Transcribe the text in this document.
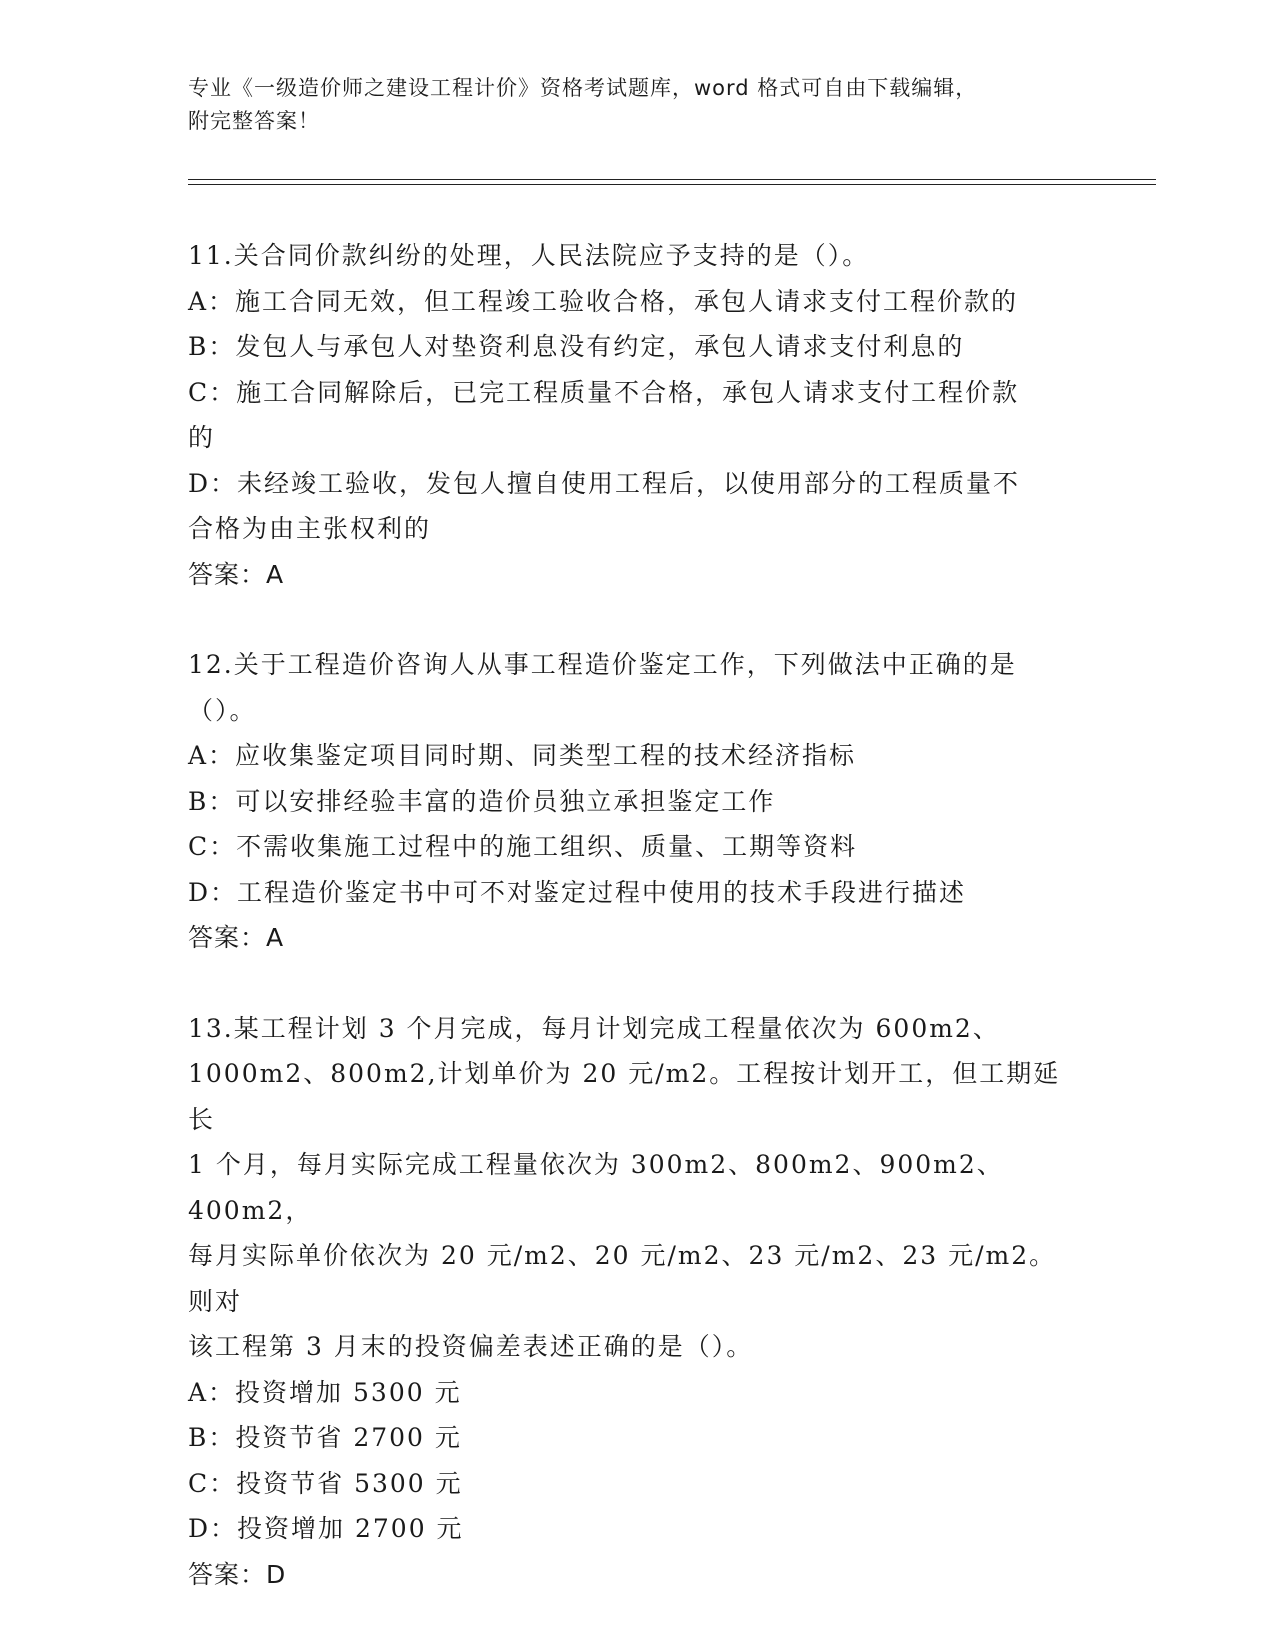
专业《一级造价师之建设工程计价》资格考试题库，word 格式可自由下载编辑，
附完整答案！
11.关合同价款纠纷的处理，人民法院应予支持的是（）。
A：施工合同无效，但工程竣工验收合格，承包人请求支付工程价款的
B：发包人与承包人对垫资利息没有约定，承包人请求支付利息的
C：施工合同解除后，已完工程质量不合格，承包人请求支付工程价款
的
D：未经竣工验收，发包人擅自使用工程后，以使用部分的工程质量不
合格为由主张权利的
答案：A
12.关于工程造价咨询人从事工程造价鉴定工作，下列做法中正确的是
（）。
A：应收集鉴定项目同时期、同类型工程的技术经济指标
B：可以安排经验丰富的造价员独立承担鉴定工作
C：不需收集施工过程中的施工组织、质量、工期等资料
D：工程造价鉴定书中可不对鉴定过程中使用的技术手段进行描述
答案：A
13.某工程计划 3 个月完成，每月计划完成工程量依次为 600m2、
1000m2、800m2,计划单价为 20 元/m2。工程按计划开工，但工期延长
1 个月，每月实际完成工程量依次为 300m2、800m2、900m2、400m2，
每月实际单价依次为 20 元/m2、20 元/m2、23 元/m2、23 元/m2。则对
该工程第 3 月末的投资偏差表述正确的是（）。
A：投资增加 5300 元
B：投资节省 2700 元
C：投资节省 5300 元
D：投资增加 2700 元
答案：D
